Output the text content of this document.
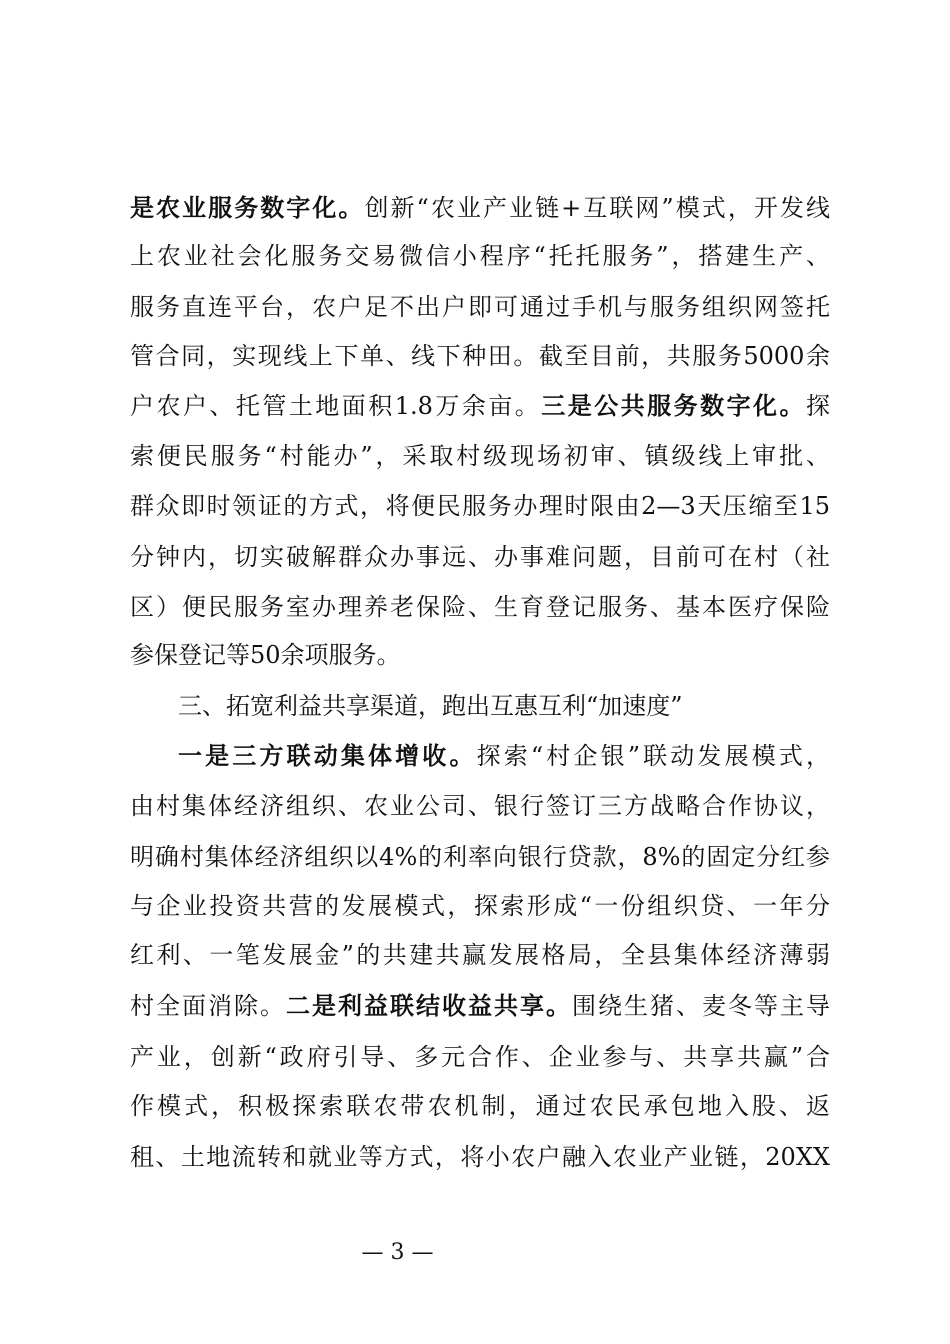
是农业服务数字化。创新“农业产业链+互联网”模式，开发线
上农业社会化服务交易微信小程序“托托服务”，搭建生产、
服务直连平台，农户足不出户即可通过手机与服务组织网签托
管合同，实现线上下单、线下种田。截至目前，共服务5000余
户农户、托管土地面积1.8万余亩。三是公共服务数字化。探
索便民服务“村能办”，采取村级现场初审、镇级线上审批、
群众即时领证的方式，将便民服务办理时限由2—3天压缩至15
分钟内，切实破解群众办事远、办事难问题，目前可在村（社
区）便民服务室办理养老保险、生育登记服务、基本医疗保险
参保登记等50余项服务。
三、拓宽利益共享渠道，跑出互惠互利“加速度”
一是三方联动集体增收。探索“村企银”联动发展模式，
由村集体经济组织、农业公司、银行签订三方战略合作协议，
明确村集体经济组织以4%的利率向银行贷款，8%的固定分红参
与企业投资共营的发展模式，探索形成“一份组织贷、一年分
红利、一笔发展金”的共建共赢发展格局，全县集体经济薄弱
村全面消除。二是利益联结收益共享。围绕生猪、麦冬等主导
产业，创新“政府引导、多元合作、企业参与、共享共赢”合
作模式，积极探索联农带农机制，通过农民承包地入股、返
租、土地流转和就业等方式，将小农户融入农业产业链，20XX
— 3 —
